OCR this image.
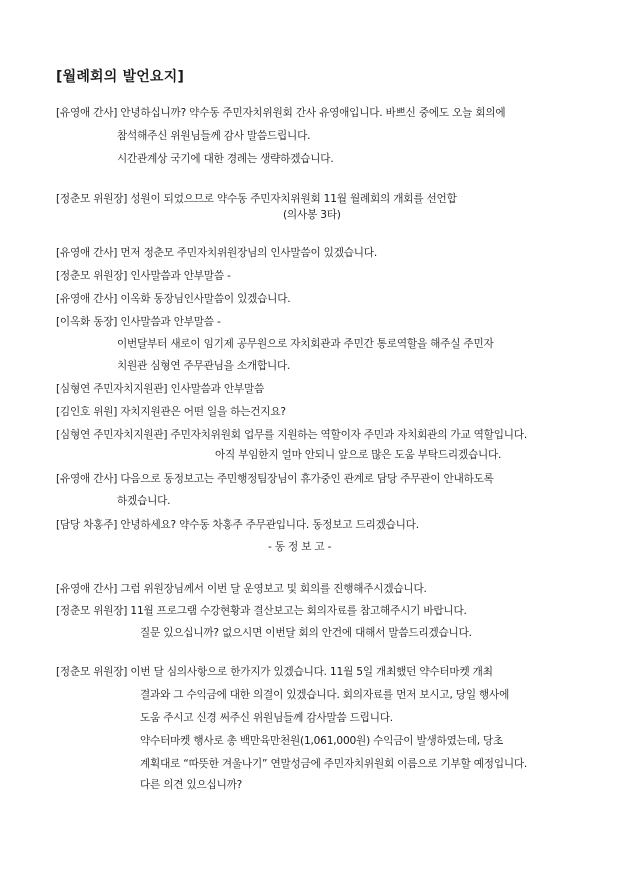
[월례회의 발언요지]
[유영애 간사] 안녕하십니까? 약수동 주민자치위원회 간사 유영애입니다. 바쁘신 중에도 오늘 회의에
참석해주신 위원님들께 감사 말씀드립니다.
시간관계상 국기에 대한 경례는 생략하겠습니다.
[정춘모 위원장] 성원이 되었으므로 약수동 주민자치위원회 11월 월례회의 개회를 선언합
(의사봉 3타)
[유영애 간사] 먼저 정춘모 주민자치위원장님의 인사말씀이 있겠습니다.
[정춘모 위원장] 인사말씀과 안부말씀 -
[유영애 간사] 이옥화 동장님인사말씀이 있겠습니다.
[이옥화 동장] 인사말씀과 안부말씀 -
이번달부터 새로이 임기제 공무원으로 자치회관과 주민간 통로역할을 해주실 주민자
치원관 심형연 주무관님을 소개합니다.
[심형연 주민자치지원관] 인사말씀과 안부말씀
[김인호 위원] 자치지원관은 어떤 일을 하는건지요?
[심형연 주민자치지원관] 주민자치위원회 업무를 지원하는 역할이자 주민과 자치회관의 가교 역할입니다.
아직 부임한지 얼마 안되니 앞으로 많은 도움 부탁드리겠습니다.
[유영애 간사] 다음으로 동정보고는 주민행정팀장님이 휴가중인 관계로 담당 주무관이 안내하도록
하겠습니다.
[담당 차홍주] 안녕하세요? 약수동 차홍주 주무관입니다. 동정보고 드리겠습니다.
- 동 정 보 고 -
[유영애 간사] 그럼 위원장님께서 이번 달 운영보고 및 회의를 진행해주시겠습니다.
[정춘모 위원장] 11월 프로그램 수강현황과 결산보고는 회의자료를 참고해주시기 바랍니다.
질문 있으십니까? 없으시면 이번달 회의 안건에 대해서 말씀드리겠습니다.
[정춘모 위원장] 이번 달 심의사항으로 한가지가 있겠습니다. 11월 5일 개최했던 약수터마켓 개최
결과와 그 수익금에 대한 의결이 있겠습니다. 회의자료를 먼저 보시고, 당일 행사에
도움 주시고 신경 써주신 위원님들께 감사말씀 드립니다.
약수터마켓 행사로 총 백만육만천원(1,061,000원) 수익금이 발생하였는데, 당초
계획대로 “따뜻한 겨울나기” 연말성금에 주민자치위원회 이름으로 기부할 예정입니다.
다른 의견 있으십니까?
